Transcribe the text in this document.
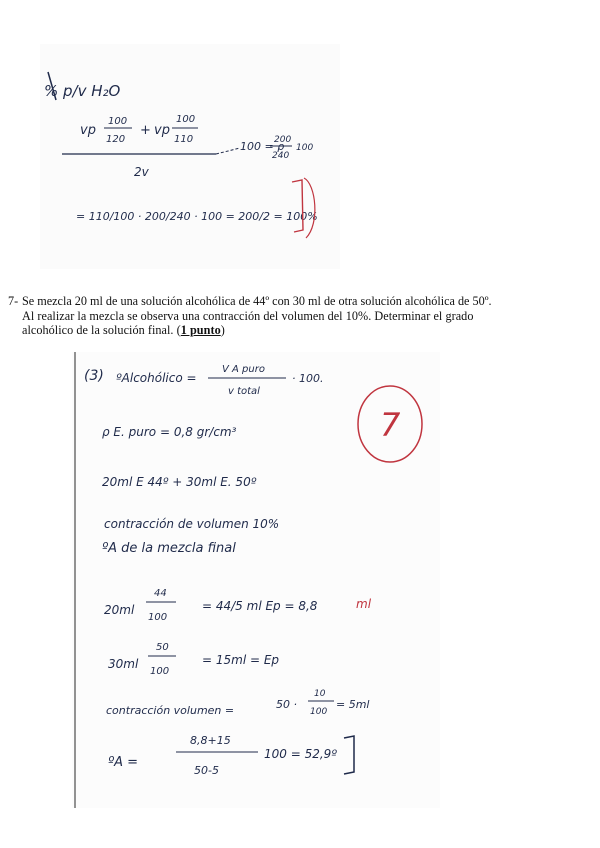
% p/v H₂O
vp
100
120
+ vp
100
110
100 = ρ
200
240
100
2v
= 110/100 · 200/240 · 100 = 200/2 = 100%
7- Se mezcla 20 ml de una solución alcohólica de 44º con 30 ml de otra solución alcohólica de 50º.
Al realizar la mezcla se observa una contracción del volumen del 10%. Determinar el grado
alcohólico de la solución final. (1 punto)
(3) ºAlcohólico =
V A puro
v total
· 100.
ρ E. puro = 0,8 gr/cm³
20ml E 44º + 30ml E. 50º
contracción de volumen 10%
ºA de la mezcla final
20ml
44
100
= 44/5 ml Ep = 8,8	ml
30ml
50
100
= 15ml = Ep
contracción volumen =	50 ·
10
100
= 5ml
ºA =
8,8+15
50-5
100 = 52,9º
7
